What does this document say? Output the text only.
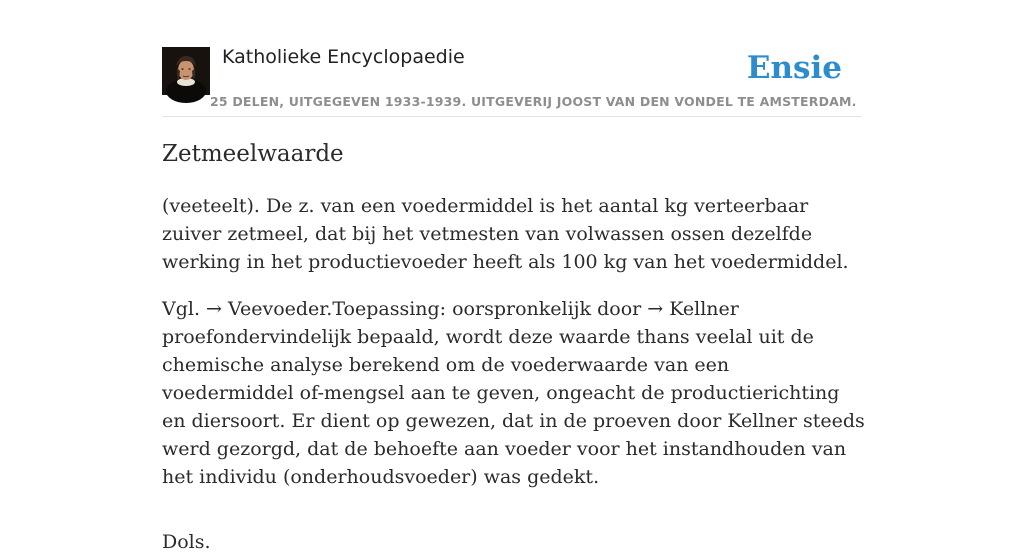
Katholieke Encyclopaedie

25 DELEN, UITGEGEVEN 1933-1939. UITGEVERIJ JOOST VAN DEN VONDEL TE AMSTERDAM.

Ensie
Zetmeelwaarde

(veeteelt). De z. van een voedermiddel is het aantal kg verteerbaar zuiver zetmeel, dat bij het vetmesten van volwassen ossen dezelfde werking in het productievoeder heeft als 100 kg van het voedermiddel.

Vgl. → Veevoeder.Toepassing: oorspronkelijk door → Kellner proefondervindelijk bepaald, wordt deze waarde thans veelal uit de chemische analyse berekend om de voederwaarde van een voedermiddel of-mengsel aan te geven, ongeacht de productierichting en diersoort. Er dient op gewezen, dat in de proeven door Kellner steeds werd gezorgd, dat de behoefte aan voeder voor het instandhouden van het individu (onderhoudsvoeder) was gedekt.

Dols.
